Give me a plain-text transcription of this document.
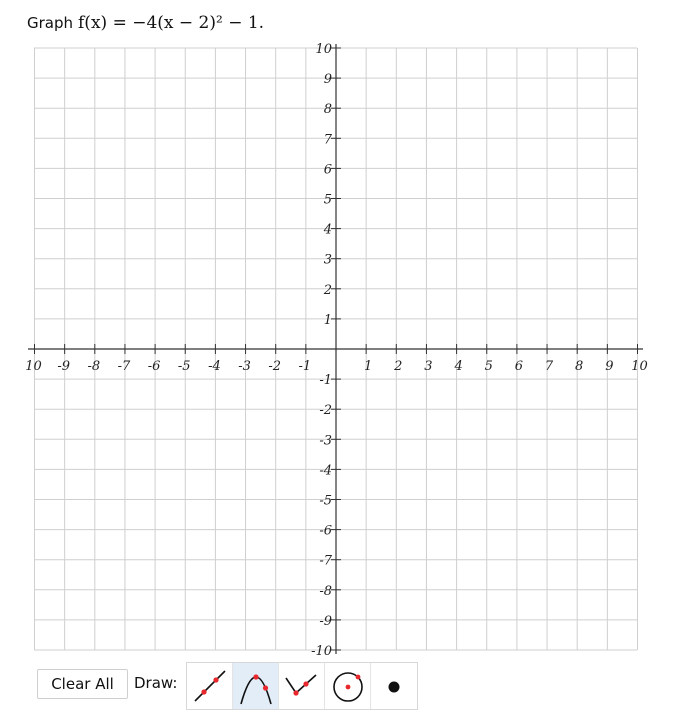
Graph f(x) = −4(x − 2)² − 1.
10 -9 -8 -7 -6 -5 -4 -3 -2 -1	1 2 3 4 5 6 7 8 9 10
10
9
8
7
6
5
4
3
2
1
-1
-2
-3
-4
-5
-6
-7
-8
-9
-10
Clear All	Draw:
